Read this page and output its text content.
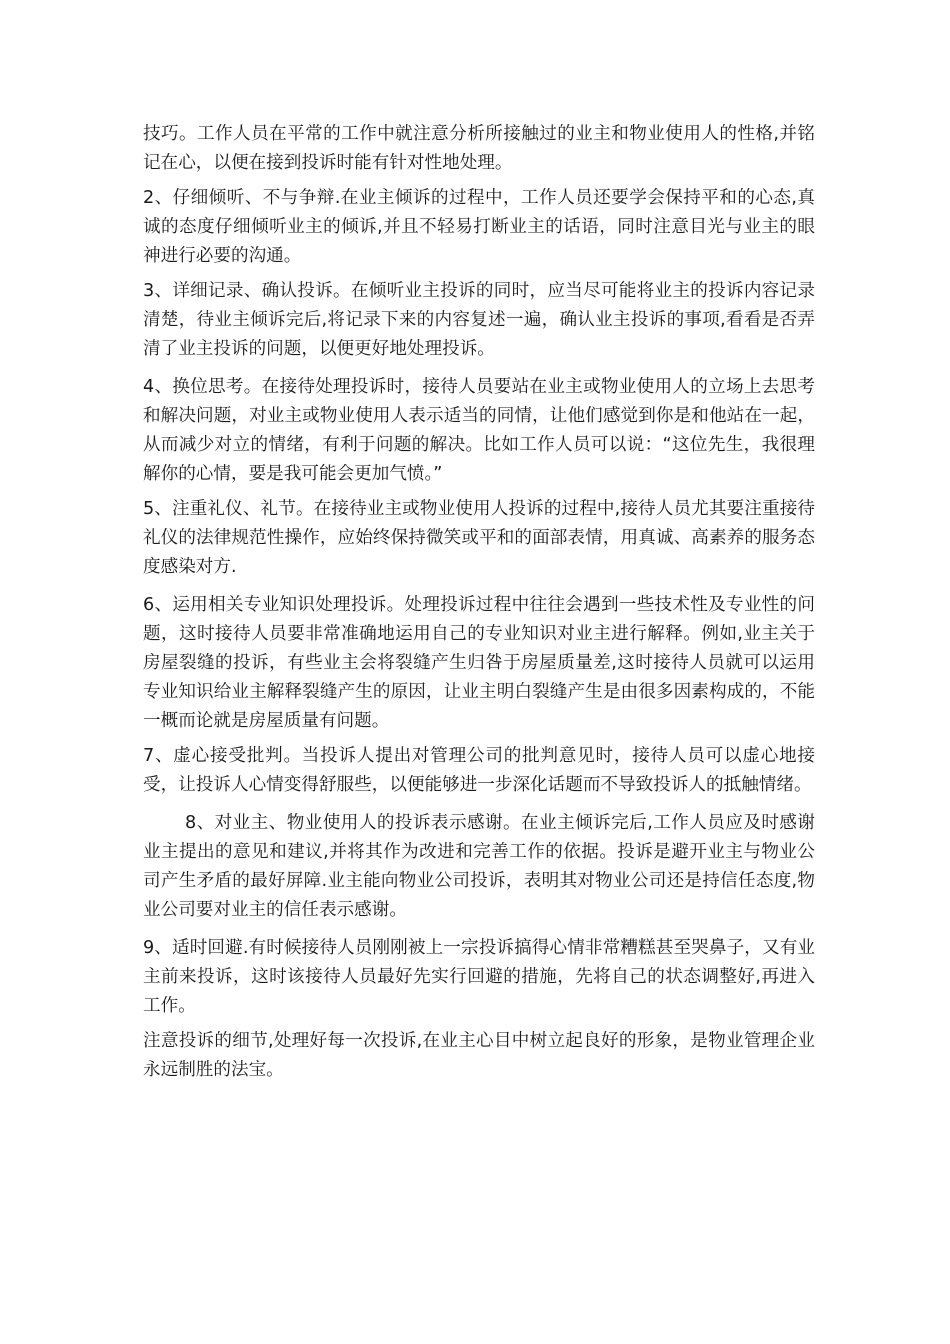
技巧。工作人员在平常的工作中就注意分析所接触过的业主和物业使用人的性格,并铭记在心，以便在接到投诉时能有针对性地处理。

2、仔细倾听、不与争辩.在业主倾诉的过程中，工作人员还要学会保持平和的心态,真诚的态度仔细倾听业主的倾诉,并且不轻易打断业主的话语，同时注意目光与业主的眼神进行必要的沟通。

3、详细记录、确认投诉。在倾听业主投诉的同时，应当尽可能将业主的投诉内容记录清楚，待业主倾诉完后,将记录下来的内容复述一遍，确认业主投诉的事项,看看是否弄清了业主投诉的问题，以便更好地处理投诉。

4、换位思考。在接待处理投诉时，接待人员要站在业主或物业使用人的立场上去思考和解决问题，对业主或物业使用人表示适当的同情，让他们感觉到你是和他站在一起，从而减少对立的情绪，有利于问题的解决。比如工作人员可以说：“这位先生，我很理解你的心情，要是我可能会更加气愤。”

5、注重礼仪、礼节。在接待业主或物业使用人投诉的过程中,接待人员尤其要注重接待礼仪的法律规范性操作，应始终保持微笑或平和的面部表情，用真诚、高素养的服务态度感染对方.

6、运用相关专业知识处理投诉。处理投诉过程中往往会遇到一些技术性及专业性的问题，这时接待人员要非常准确地运用自己的专业知识对业主进行解释。例如,业主关于房屋裂缝的投诉，有些业主会将裂缝产生归咎于房屋质量差,这时接待人员就可以运用专业知识给业主解释裂缝产生的原因，让业主明白裂缝产生是由很多因素构成的，不能一概而论就是房屋质量有问题。

7、虚心接受批判。当投诉人提出对管理公司的批判意见时，接待人员可以虚心地接受，让投诉人心情变得舒服些，以便能够进一步深化话题而不导致投诉人的抵触情绪。

8、对业主、物业使用人的投诉表示感谢。在业主倾诉完后,工作人员应及时感谢业主提出的意见和建议,并将其作为改进和完善工作的依据。投诉是避开业主与物业公司产生矛盾的最好屏障.业主能向物业公司投诉，表明其对物业公司还是持信任态度,物业公司要对业主的信任表示感谢。

9、适时回避.有时候接待人员刚刚被上一宗投诉搞得心情非常糟糕甚至哭鼻子，又有业主前来投诉，这时该接待人员最好先实行回避的措施，先将自己的状态调整好,再进入工作。

注意投诉的细节,处理好每一次投诉,在业主心目中树立起良好的形象，是物业管理企业永远制胜的法宝。
